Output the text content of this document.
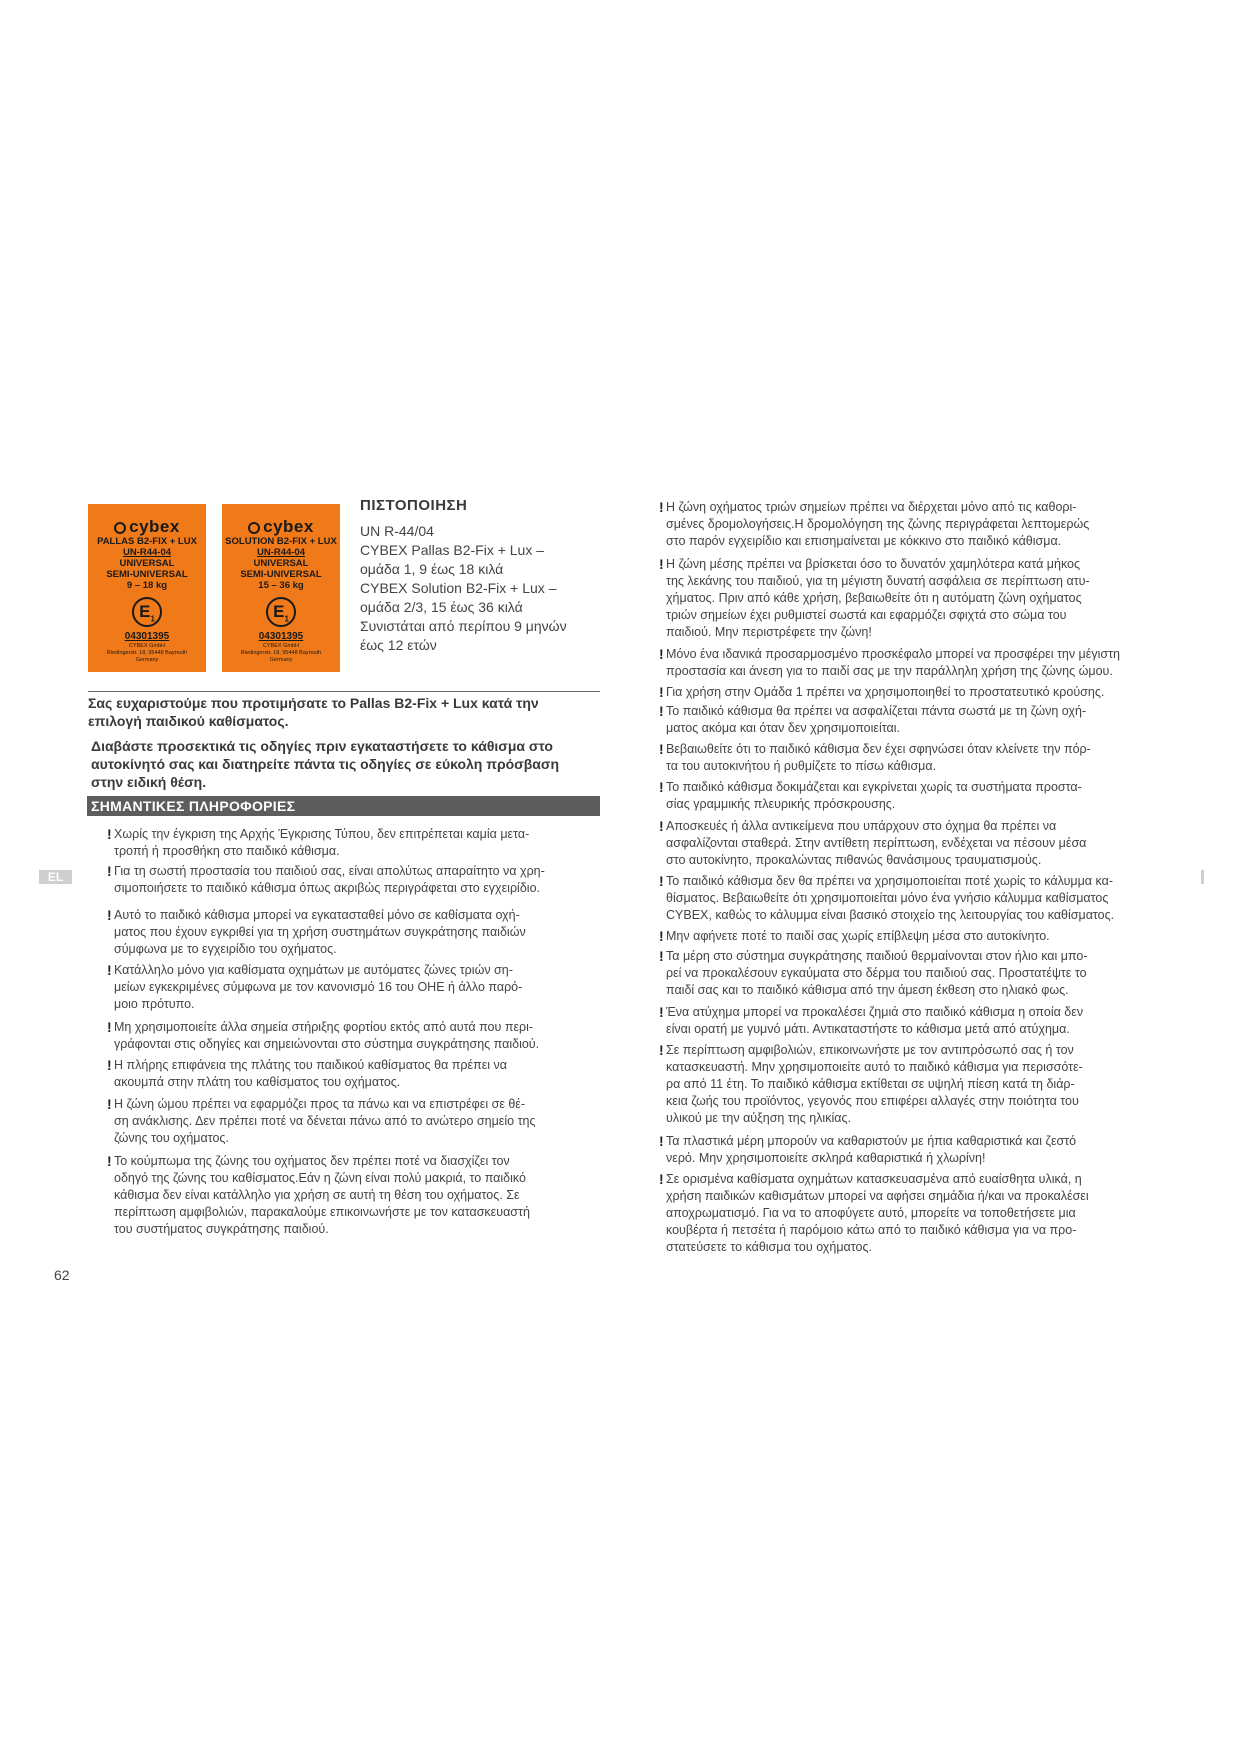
cybex
PALLAS B2-FIX + LUX
UN-R44-04
UNIVERSAL
SEMI-UNIVERSAL
9 – 18 kg
$E_1$
04301395
CYBEX GmbH
Riedingerstr. 18, 95448 Bayreuth
Germany
cybex
SOLUTION B2-FIX + LUX
UN-R44-04
UNIVERSAL
SEMI-UNIVERSAL
15 – 36 kg
$E_1$
04301395
CYBEX GmbH
Riedingerstr. 18, 95448 Bayreuth
Germany
ΠΙΣΤΟΠΟΙΗΣΗ
UN R-44/04
CYBEX Pallas B2-Fix + Lux –
ομάδα 1, 9 έως 18 κιλά
CYBEX Solution B2-Fix + Lux –
ομάδα 2/3, 15 έως 36 κιλά
Συνιστάται από περίπου 9 μηνών
έως 12 ετών
Σας ευχαριστούμε που προτιμήσατε το Pallas B2-Fix + Lux κατά την
επιλογή παιδικού καθίσματος.
Διαβάστε προσεκτικά τις οδηγίες πριν εγκαταστήσετε το κάθισμα στο
αυτοκίνητό σας και διατηρείτε πάντα τις οδηγίες σε εύκολη πρόσβαση
στην ειδική θέση.
ΣΗΜΑΝΤΙΚΕΣ ΠΛΗΡΟΦΟΡΙΕΣ
! Χωρίς την έγκριση της Αρχής Έγκρισης Τύπου, δεν επιτρέπεται καμία μετα-
τροπή ή προσθήκη στο παιδικό κάθισμα.
! Για τη σωστή προστασία του παιδιού σας, είναι απολύτως απαραίτητο να χρη-
σιμοποιήσετε το παιδικό κάθισμα όπως ακριβώς περιγράφεται στο εγχειρίδιο.
! Αυτό το παιδικό κάθισμα μπορεί να εγκατασταθεί μόνο σε καθίσματα οχή-
ματος που έχουν εγκριθεί για τη χρήση συστημάτων συγκράτησης παιδιών
σύμφωνα με το εγχειρίδιο του οχήματος.
! Κατάλληλο μόνο για καθίσματα οχημάτων με αυτόματες ζώνες τριών ση-
μείων εγκεκριμένες σύμφωνα με τον κανονισμό 16 του ΟΗΕ ή άλλο παρό-
μοιο πρότυπο.
! Μη χρησιμοποιείτε άλλα σημεία στήριξης φορτίου εκτός από αυτά που περι-
γράφονται στις οδηγίες και σημειώνονται στο σύστημα συγκράτησης παιδιού.
! Η πλήρης επιφάνεια της πλάτης του παιδικού καθίσματος θα πρέπει να
ακουμπά στην πλάτη του καθίσματος του οχήματος.
! Η ζώνη ώμου πρέπει να εφαρμόζει προς τα πάνω και να επιστρέφει σε θέ-
ση ανάκλισης. Δεν πρέπει ποτέ να δένεται πάνω από το ανώτερο σημείο της
ζώνης του οχήματος.
! Το κούμπωμα της ζώνης του οχήματος δεν πρέπει ποτέ να διασχίζει τον
οδηγό της ζώνης του καθίσματος.Εάν η ζώνη είναι πολύ μακριά, το παιδικό
κάθισμα δεν είναι κατάλληλο για χρήση σε αυτή τη θέση του οχήματος. Σε
περίπτωση αμφιβολιών, παρακαλούμε επικοινωνήστε με τον κατασκευαστή
του συστήματος συγκράτησης παιδιού.
! Η ζώνη οχήματος τριών σημείων πρέπει να διέρχεται μόνο από τις καθορι-
σμένες δρομολογήσεις.Η δρομολόγηση της ζώνης περιγράφεται λεπτομερώς
στο παρόν εγχειρίδιο και επισημαίνεται με κόκκινο στο παιδικό κάθισμα.
! Η ζώνη μέσης πρέπει να βρίσκεται όσο το δυνατόν χαμηλότερα κατά μήκος
της λεκάνης του παιδιού, για τη μέγιστη δυνατή ασφάλεια σε περίπτωση ατυ-
χήματος. Πριν από κάθε χρήση, βεβαιωθείτε ότι η αυτόματη ζώνη οχήματος
τριών σημείων έχει ρυθμιστεί σωστά και εφαρμόζει σφιχτά στο σώμα του
παιδιού. Μην περιστρέφετε την ζώνη!
! Μόνο ένα ιδανικά προσαρμοσμένο προσκέφαλο μπορεί να προσφέρει την μέγιστη
προστασία και άνεση για το παιδί σας με την παράλληλη χρήση της ζώνης ώμου.
! Για χρήση στην Ομάδα 1 πρέπει να χρησιμοποιηθεί το προστατευτικό κρούσης.
! Το παιδικό κάθισμα θα πρέπει να ασφαλίζεται πάντα σωστά με τη ζώνη οχή-
ματος ακόμα και όταν δεν χρησιμοποιείται.
! Βεβαιωθείτε ότι το παιδικό κάθισμα δεν έχει σφηνώσει όταν κλείνετε την πόρ-
τα του αυτοκινήτου ή ρυθμίζετε το πίσω κάθισμα.
! Το παιδικό κάθισμα δοκιμάζεται και εγκρίνεται χωρίς τα συστήματα προστα-
σίας γραμμικής πλευρικής πρόσκρουσης.
! Αποσκευές ή άλλα αντικείμενα που υπάρχουν στο όχημα θα πρέπει να
ασφαλίζονται σταθερά. Στην αντίθετη περίπτωση, ενδέχεται να πέσουν μέσα
στο αυτοκίνητο, προκαλώντας πιθανώς θανάσιμους τραυματισμούς.
! Το παιδικό κάθισμα δεν θα πρέπει να χρησιμοποιείται ποτέ χωρίς το κάλυμμα κα-
θίσματος. Βεβαιωθείτε ότι χρησιμοποιείται μόνο ένα γνήσιο κάλυμμα καθίσματος
CYBEX, καθώς το κάλυμμα είναι βασικό στοιχείο της λειτουργίας του καθίσματος.
! Μην αφήνετε ποτέ το παιδί σας χωρίς επίβλεψη μέσα στο αυτοκίνητο.
! Τα μέρη στο σύστημα συγκράτησης παιδιού θερμαίνονται στον ήλιο και μπο-
ρεί να προκαλέσουν εγκαύματα στο δέρμα του παιδιού σας. Προστατέψτε το
παιδί σας και το παιδικό κάθισμα από την άμεση έκθεση στο ηλιακό φως.
! Ένα ατύχημα μπορεί να προκαλέσει ζημιά στο παιδικό κάθισμα η οποία δεν
είναι ορατή με γυμνό μάτι. Αντικαταστήστε το κάθισμα μετά από ατύχημα.
! Σε περίπτωση αμφιβολιών, επικοινωνήστε με τον αντιπρόσωπό σας ή τον
κατασκευαστή. Μην χρησιμοποιείτε αυτό το παιδικό κάθισμα για περισσότε-
ρα από 11 έτη. Το παιδικό κάθισμα εκτίθεται σε υψηλή πίεση κατά τη διάρ-
κεια ζωής του προϊόντος, γεγονός που επιφέρει αλλαγές στην ποιότητα του
υλικού με την αύξηση της ηλικίας.
! Τα πλαστικά μέρη μπορούν να καθαριστούν με ήπια καθαριστικά και ζεστό
νερό. Μην χρησιμοποιείτε σκληρά καθαριστικά ή χλωρίνη!
! Σε ορισμένα καθίσματα οχημάτων κατασκευασμένα από ευαίσθητα υλικά, η
χρήση παιδικών καθισμάτων μπορεί να αφήσει σημάδια ή/και να προκαλέσει
αποχρωματισμό. Για να το αποφύγετε αυτό, μπορείτε να τοποθετήσετε μια
κουβέρτα ή πετσέτα ή παρόμοιο κάτω από το παιδικό κάθισμα για να προ-
στατεύσετε το κάθισμα του οχήματος.
EL
62
